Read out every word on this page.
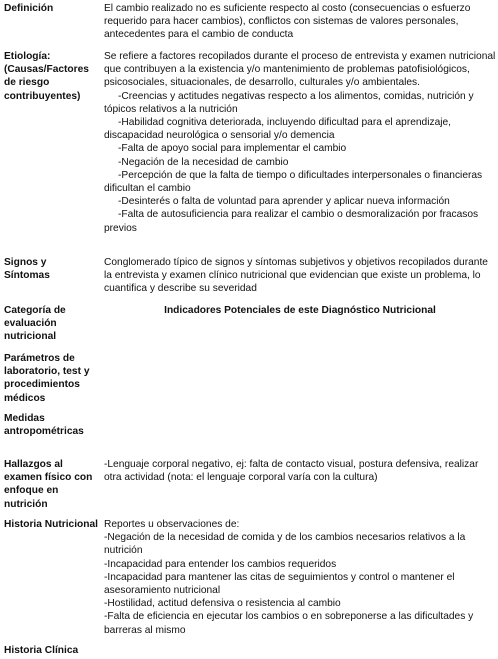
Definición	El cambio realizado no es suficiente respecto al costo (consecuencias o esfuerzo requerido para hacer cambios), conflictos con sistemas de valores personales, antecedentes para el cambio de conducta
Etiología:
(Causas/Factores de riesgo contribuyentes)

Se refiere a factores recopilados durante el proceso de entrevista y examen nutricional que contribuyen a la existencia y/o mantenimiento de problemas patofisiológicos, psicosociales, situacionales, de desarrollo, culturales y/o ambientales.

-Creencias y actitudes negativas respecto a los alimentos, comidas, nutrición y tópicos relativos a la nutrición

-Habilidad cognitiva deteriorada, incluyendo dificultad para el aprendizaje, discapacidad neurológica o sensorial y/o demencia

-Falta de apoyo social para implementar el cambio

-Negación de la necesidad de cambio

-Percepción de que la falta de tiempo o dificultades interpersonales o financieras dificultan el cambio

-Desinterés o falta de voluntad para aprender y aplicar nueva información

-Falta de autosuficiencia para realizar el cambio o desmoralización por fracasos previos

Signos y
Síntomas
Conglomerado típico de signos y síntomas subjetivos y objetivos recopilados durante la entrevista y examen clínico nutricional que evidencian que existe un problema, lo cuantifica y describe su severidad
Categoría de evaluación nutricional
Indicadores Potenciales de este Diagnóstico Nutricional
Parámetros de laboratorio, test y procedimientos médicos
Medidas antropométricas
Hallazgos al examen físico con enfoque en nutrición
-Lenguaje corporal negativo, ej: falta de contacto visual, postura defensiva, realizar otra actividad (nota: el lenguaje corporal varía con la cultura)
Historia Nutricional Reportes u observaciones de:

-Negación de la necesidad de comida y de los cambios necesarios relativos a la nutrición

-Incapacidad para entender los cambios requeridos

-Incapacidad para mantener las citas de seguimientos y control o mantener el asesoramiento nutricional

-Hostilidad, actitud defensiva o resistencia al cambio

-Falta de eficiencia en ejecutar los cambios o en sobreponerse a las dificultades y barreras al mismo

Historia Clínica
